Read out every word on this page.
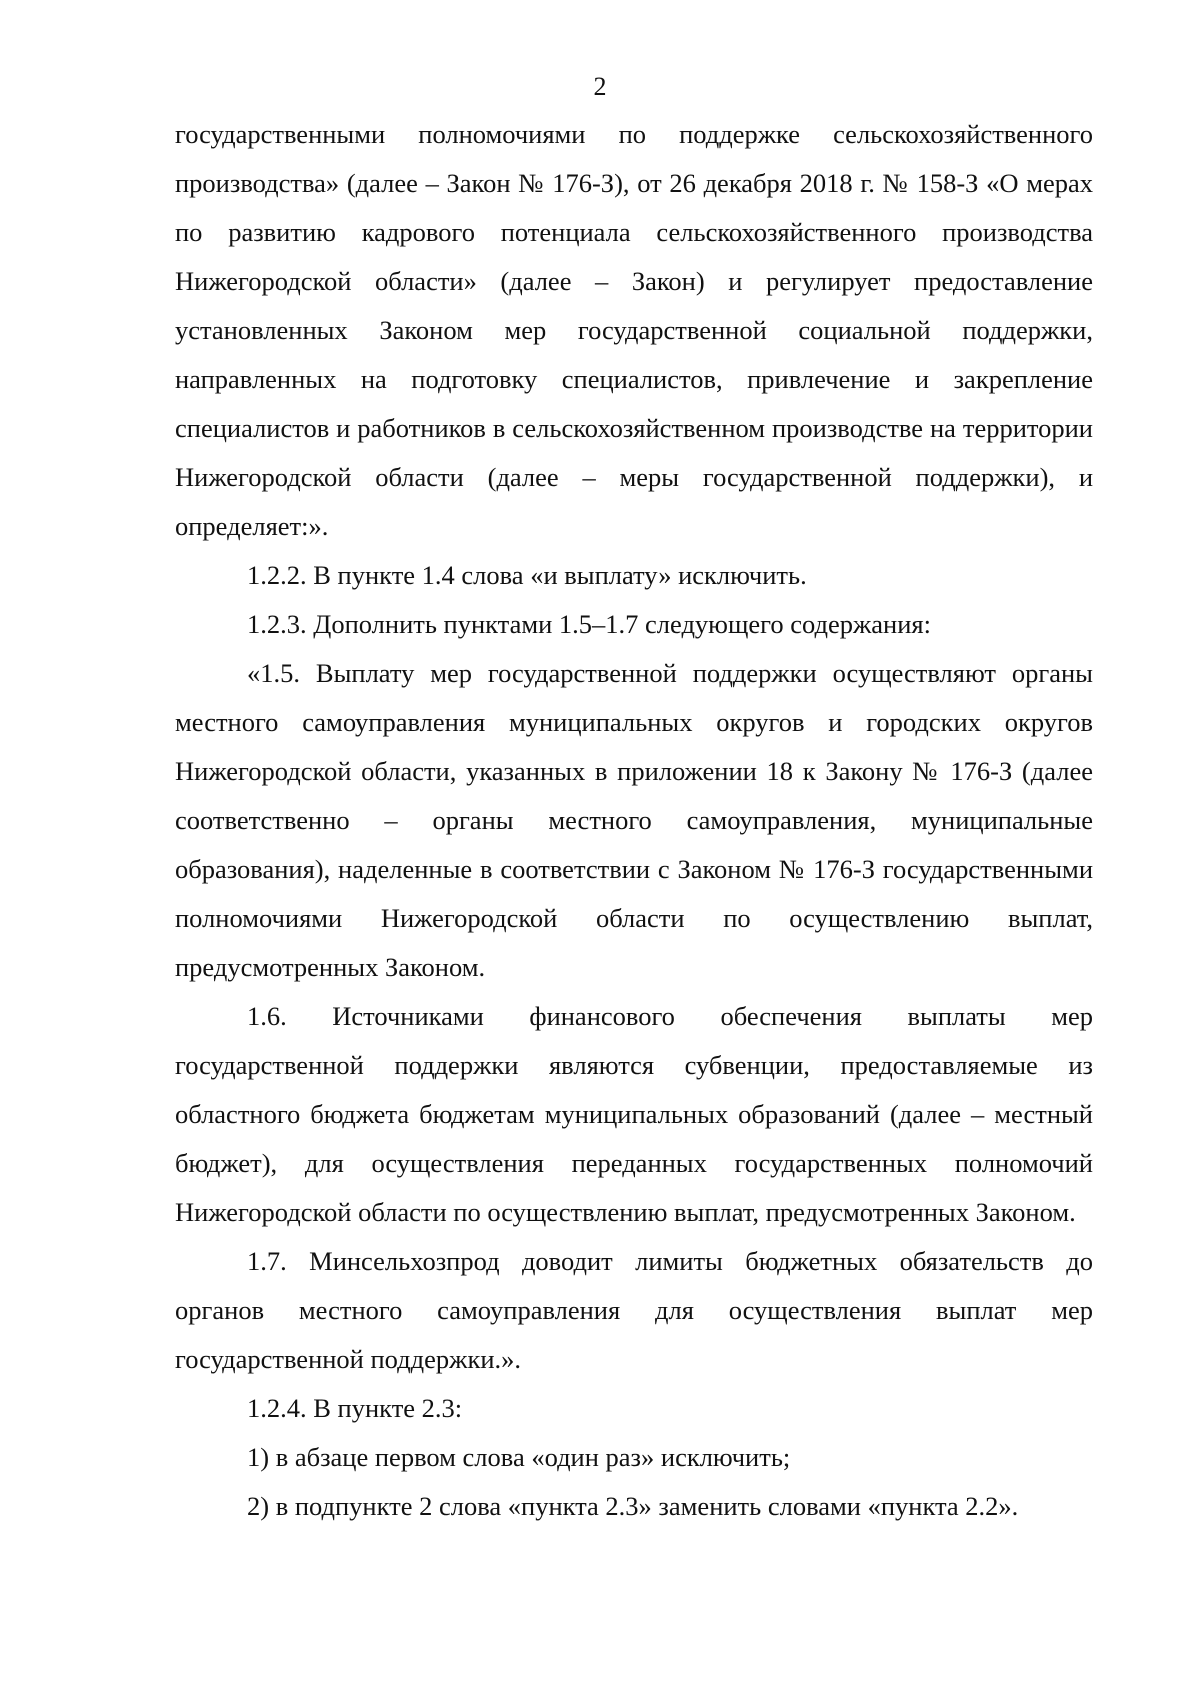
2

государственными полномочиями по поддержке сельскохозяйственного производства» (далее – Закон № 176-З), от 26 декабря 2018 г. № 158-З «О мерах по развитию кадрового потенциала сельскохозяйственного производства Нижегородской области» (далее – Закон) и регулирует предоставление установленных Законом мер государственной социальной поддержки, направленных на подготовку специалистов, привлечение и закрепление специалистов и работников в сельскохозяйственном производстве на территории Нижегородской области (далее – меры государственной поддержки), и определяет:».

1.2.2. В пункте 1.4 слова «и выплату» исключить.

1.2.3. Дополнить пунктами 1.5–1.7 следующего содержания:

«1.5. Выплату мер государственной поддержки осуществляют органы местного самоуправления муниципальных округов и городских округов Нижегородской области, указанных в приложении 18 к Закону № 176-З (далее соответственно – органы местного самоуправления, муниципальные образования), наделенные в соответствии с Законом № 176-З государственными полномочиями Нижегородской области по осуществлению выплат, предусмотренных Законом.

1.6. Источниками финансового обеспечения выплаты мер государственной поддержки являются субвенции, предоставляемые из областного бюджета бюджетам муниципальных образований (далее – местный бюджет), для осуществления переданных государственных полномочий Нижегородской области по осуществлению выплат, предусмотренных Законом.

1.7. Минсельхозпрод доводит лимиты бюджетных обязательств до органов местного самоуправления для осуществления выплат мер государственной поддержки.».

1.2.4. В пункте 2.3:

1) в абзаце первом слова «один раз» исключить;

2) в подпункте 2 слова «пункта 2.3» заменить словами «пункта 2.2».
